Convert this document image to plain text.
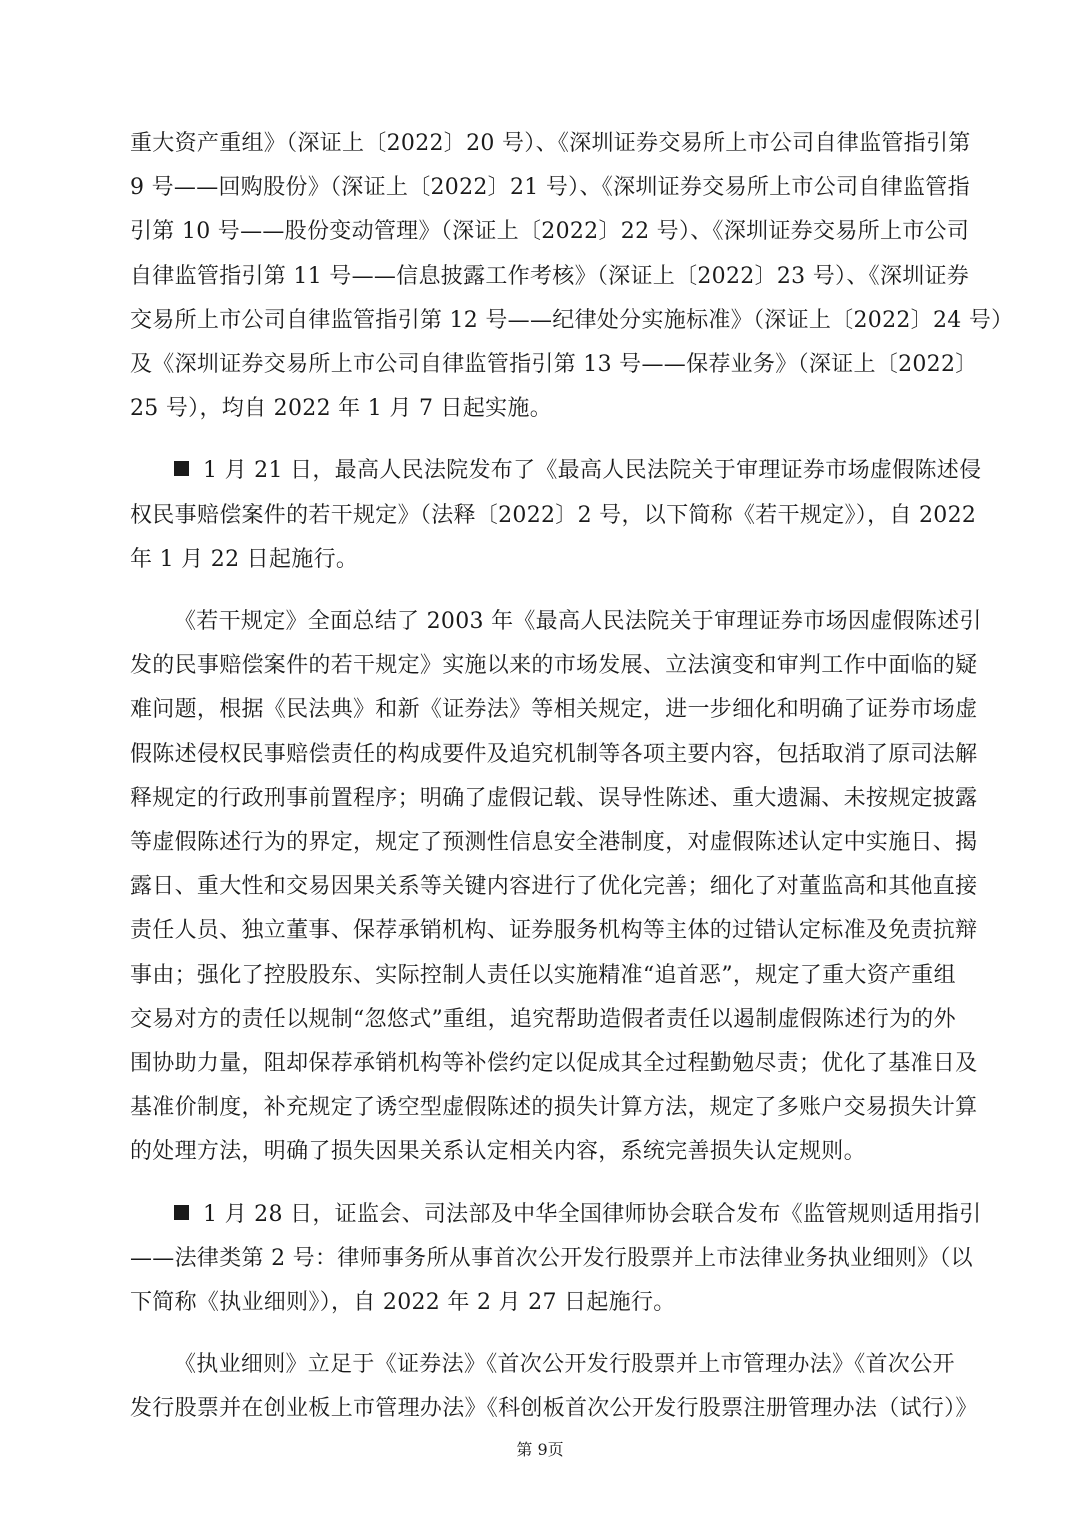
重大资产重组》（深证上〔2022〕20 号）、《深圳证券交易所上市公司自律监管指引第
9 号——回购股份》（深证上〔2022〕21 号）、《深圳证券交易所上市公司自律监管指
引第 10 号——股份变动管理》（深证上〔2022〕22 号）、《深圳证券交易所上市公司
自律监管指引第 11 号——信息披露工作考核》（深证上〔2022〕23 号）、《深圳证券
交易所上市公司自律监管指引第 12 号——纪律处分实施标准》（深证上〔2022〕24 号）
及《深圳证券交易所上市公司自律监管指引第 13 号——保荐业务》（深证上〔2022〕
25 号），均自 2022 年 1 月 7 日起实施。
1 月 21 日，最高人民法院发布了《最高人民法院关于审理证券市场虚假陈述侵
权民事赔偿案件的若干规定》（法释〔2022〕2 号，以下简称《若干规定》），自 2022
年 1 月 22 日起施行。
《若干规定》全面总结了 2003 年《最高人民法院关于审理证券市场因虚假陈述引
发的民事赔偿案件的若干规定》实施以来的市场发展、立法演变和审判工作中面临的疑
难问题，根据《民法典》和新《证券法》等相关规定，进一步细化和明确了证券市场虚
假陈述侵权民事赔偿责任的构成要件及追究机制等各项主要内容，包括取消了原司法解
释规定的行政刑事前置程序；明确了虚假记载、误导性陈述、重大遗漏、未按规定披露
等虚假陈述行为的界定，规定了预测性信息安全港制度，对虚假陈述认定中实施日、揭
露日、重大性和交易因果关系等关键内容进行了优化完善；细化了对董监高和其他直接
责任人员、独立董事、保荐承销机构、证券服务机构等主体的过错认定标准及免责抗辩
事由；强化了控股股东、实际控制人责任以实施精准“追首恶”，规定了重大资产重组
交易对方的责任以规制“忽悠式”重组，追究帮助造假者责任以遏制虚假陈述行为的外
围协助力量，阻却保荐承销机构等补偿约定以促成其全过程勤勉尽责；优化了基准日及
基准价制度，补充规定了诱空型虚假陈述的损失计算方法，规定了多账户交易损失计算
的处理方法，明确了损失因果关系认定相关内容，系统完善损失认定规则。
1 月 28 日，证监会、司法部及中华全国律师协会联合发布《监管规则适用指引
——法律类第 2 号：律师事务所从事首次公开发行股票并上市法律业务执业细则》（以
下简称《执业细则》），自 2022 年 2 月 27 日起施行。
《执业细则》立足于《证券法》《首次公开发行股票并上市管理办法》《首次公开
发行股票并在创业板上市管理办法》《科创板首次公开发行股票注册管理办法（试行）》
第 9页
